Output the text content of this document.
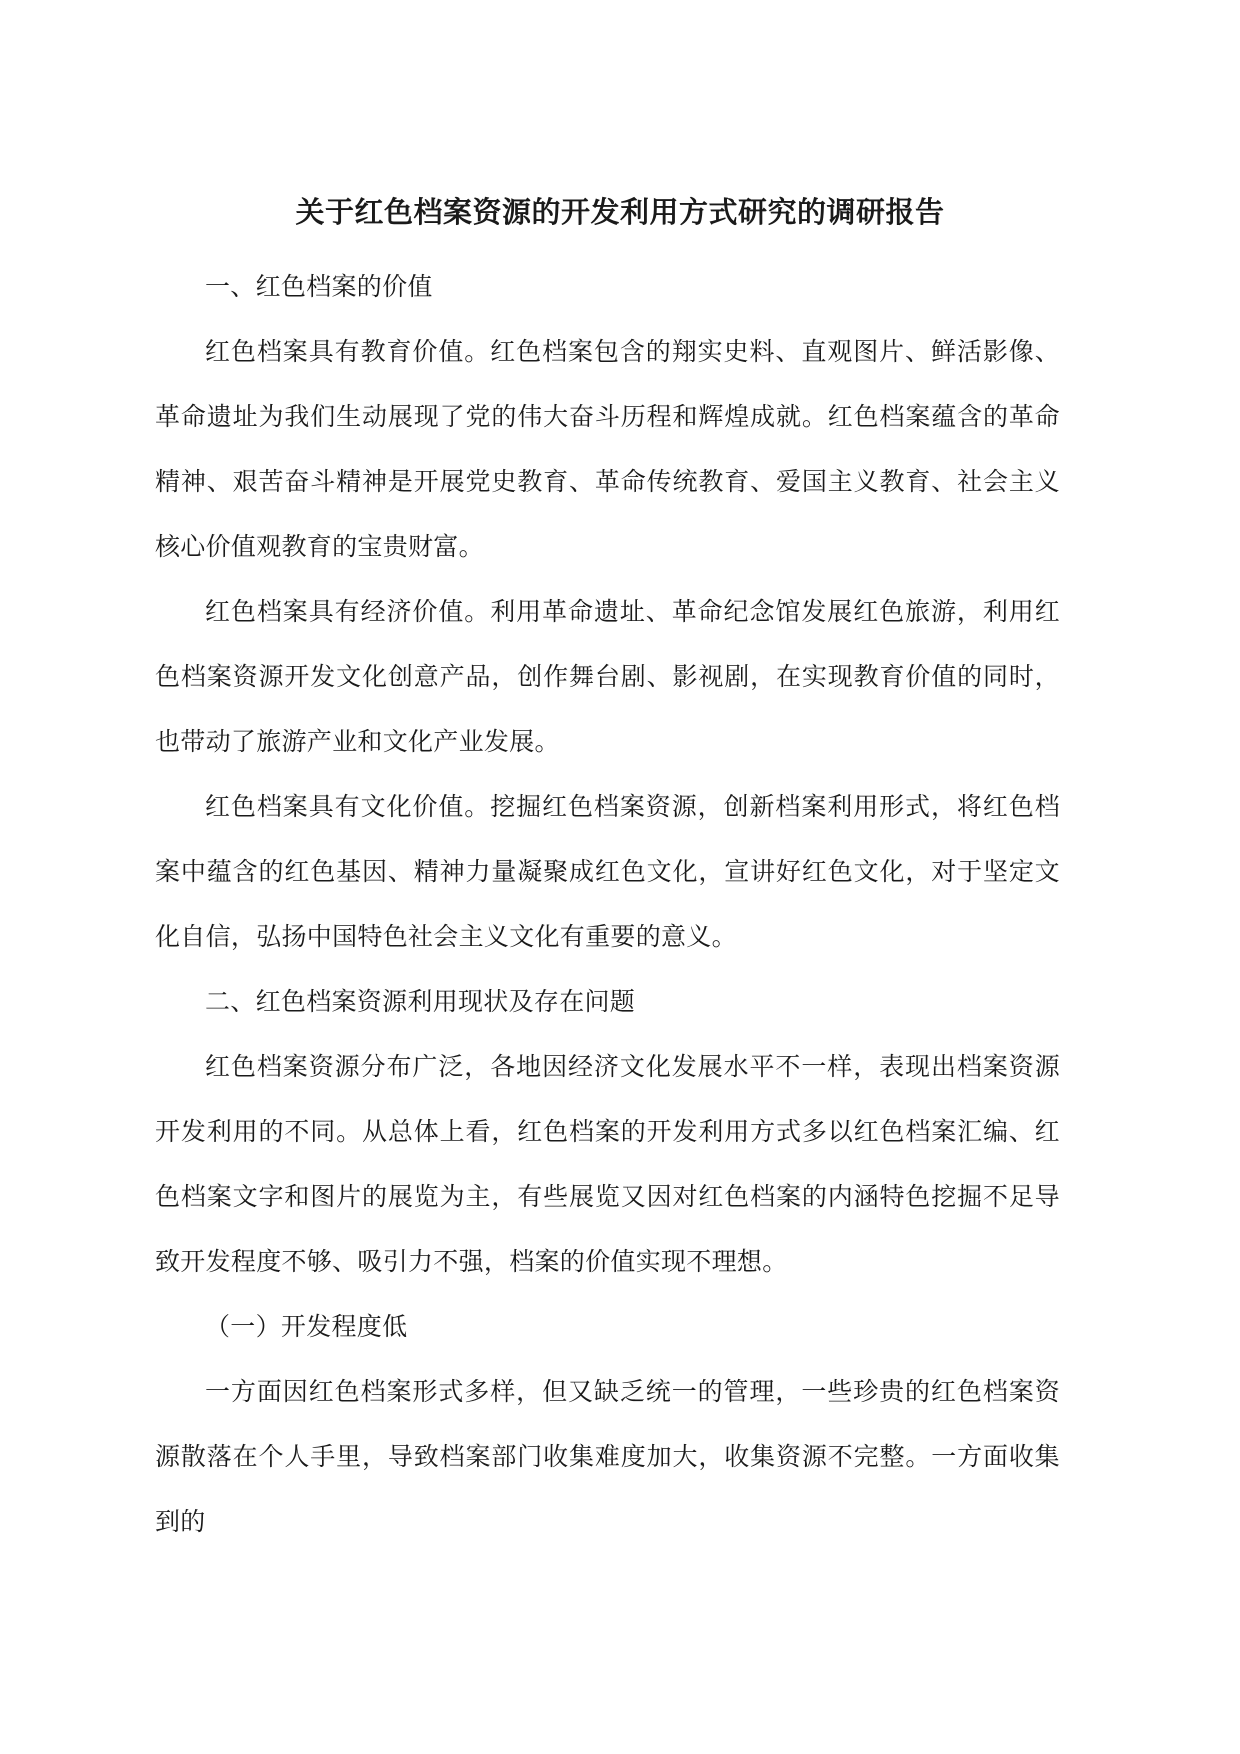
关于红色档案资源的开发利用方式研究的调研报告

一、红色档案的价值

红色档案具有教育价值。红色档案包含的翔实史料、直观图片、鲜活影像、革命遗址为我们生动展现了党的伟大奋斗历程和辉煌成就。红色档案蕴含的革命精神、艰苦奋斗精神是开展党史教育、革命传统教育、爱国主义教育、社会主义核心价值观教育的宝贵财富。

红色档案具有经济价值。利用革命遗址、革命纪念馆发展红色旅游，利用红色档案资源开发文化创意产品，创作舞台剧、影视剧，在实现教育价值的同时，也带动了旅游产业和文化产业发展。

红色档案具有文化价值。挖掘红色档案资源，创新档案利用形式，将红色档案中蕴含的红色基因、精神力量凝聚成红色文化，宣讲好红色文化，对于坚定文化自信，弘扬中国特色社会主义文化有重要的意义。

二、红色档案资源利用现状及存在问题

红色档案资源分布广泛，各地因经济文化发展水平不一样，表现出档案资源开发利用的不同。从总体上看，红色档案的开发利用方式多以红色档案汇编、红色档案文字和图片的展览为主，有些展览又因对红色档案的内涵特色挖掘不足导致开发程度不够、吸引力不强，档案的价值实现不理想。

（一）开发程度低

一方面因红色档案形式多样，但又缺乏统一的管理，一些珍贵的红色档案资源散落在个人手里，导致档案部门收集难度加大，收集资源不完整。一方面收集到的
